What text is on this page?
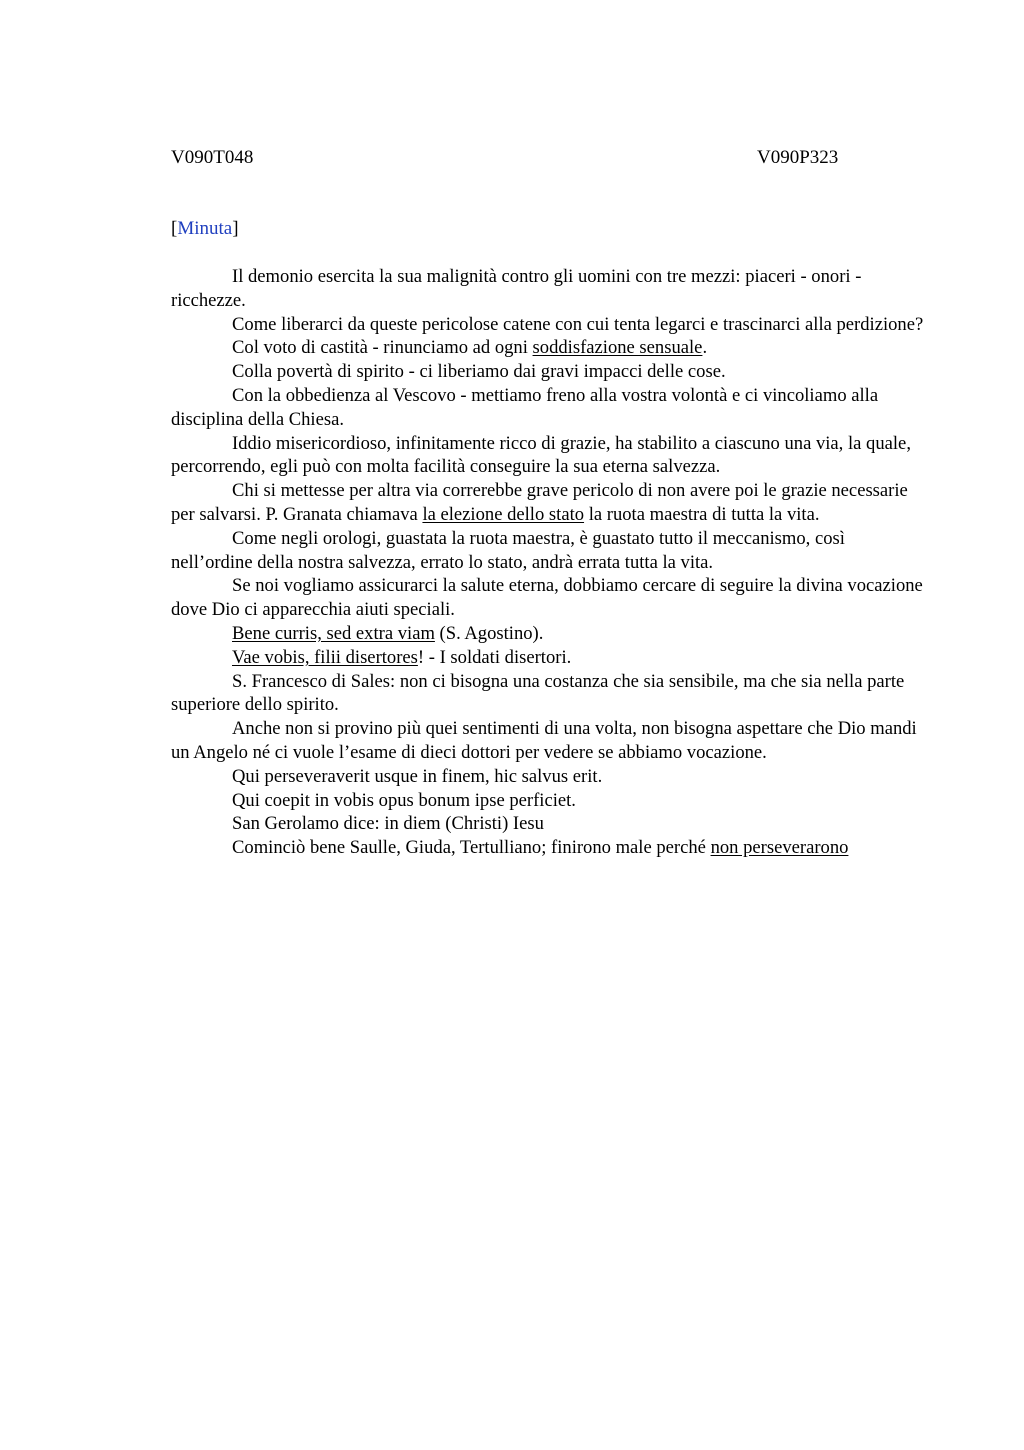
V090T048	V090P323
[Minuta]

Il demonio esercita la sua malignità contro gli uomini con tre mezzi: piaceri - onori - ricchezze.

Come liberarci da queste pericolose catene con cui tenta legarci e trascinarci alla perdizione?

Col voto di castità - rinunciamo ad ogni soddisfazione sensuale.

Colla povertà di spirito - ci liberiamo dai gravi impacci delle cose.

Con la obbedienza al Vescovo - mettiamo freno alla vostra volontà e ci vincoliamo alla disciplina della Chiesa.

Iddio misericordioso, infinitamente ricco di grazie, ha stabilito a ciascuno una via, la quale, percorrendo, egli può con molta facilità conseguire la sua eterna salvezza.

Chi si mettesse per altra via correrebbe grave pericolo di non avere poi le grazie necessarie per salvarsi. P. Granata chiamava la elezione dello stato la ruota maestra di tutta la vita.

Come negli orologi, guastata la ruota maestra, è guastato tutto il meccanismo, così nell’ordine della nostra salvezza, errato lo stato, andrà errata tutta la vita.

Se noi vogliamo assicurarci la salute eterna, dobbiamo cercare di seguire la divina vocazione dove Dio ci apparecchia aiuti speciali.

Bene curris, sed extra viam (S. Agostino).

Vae vobis, filii disertores! - I soldati disertori.

S. Francesco di Sales: non ci bisogna una costanza che sia sensibile, ma che sia nella parte superiore dello spirito.

Anche non si provino più quei sentimenti di una volta, non bisogna aspettare che Dio mandi un Angelo né ci vuole l’esame di dieci dottori per vedere se abbiamo vocazione.

Qui perseveraverit usque in finem, hic salvus erit.

Qui coepit in vobis opus bonum ipse perficiet.

San Gerolamo dice: in diem (Christi) Iesu

Cominciò bene Saulle, Giuda, Tertulliano; finirono male perché non perseverarono
